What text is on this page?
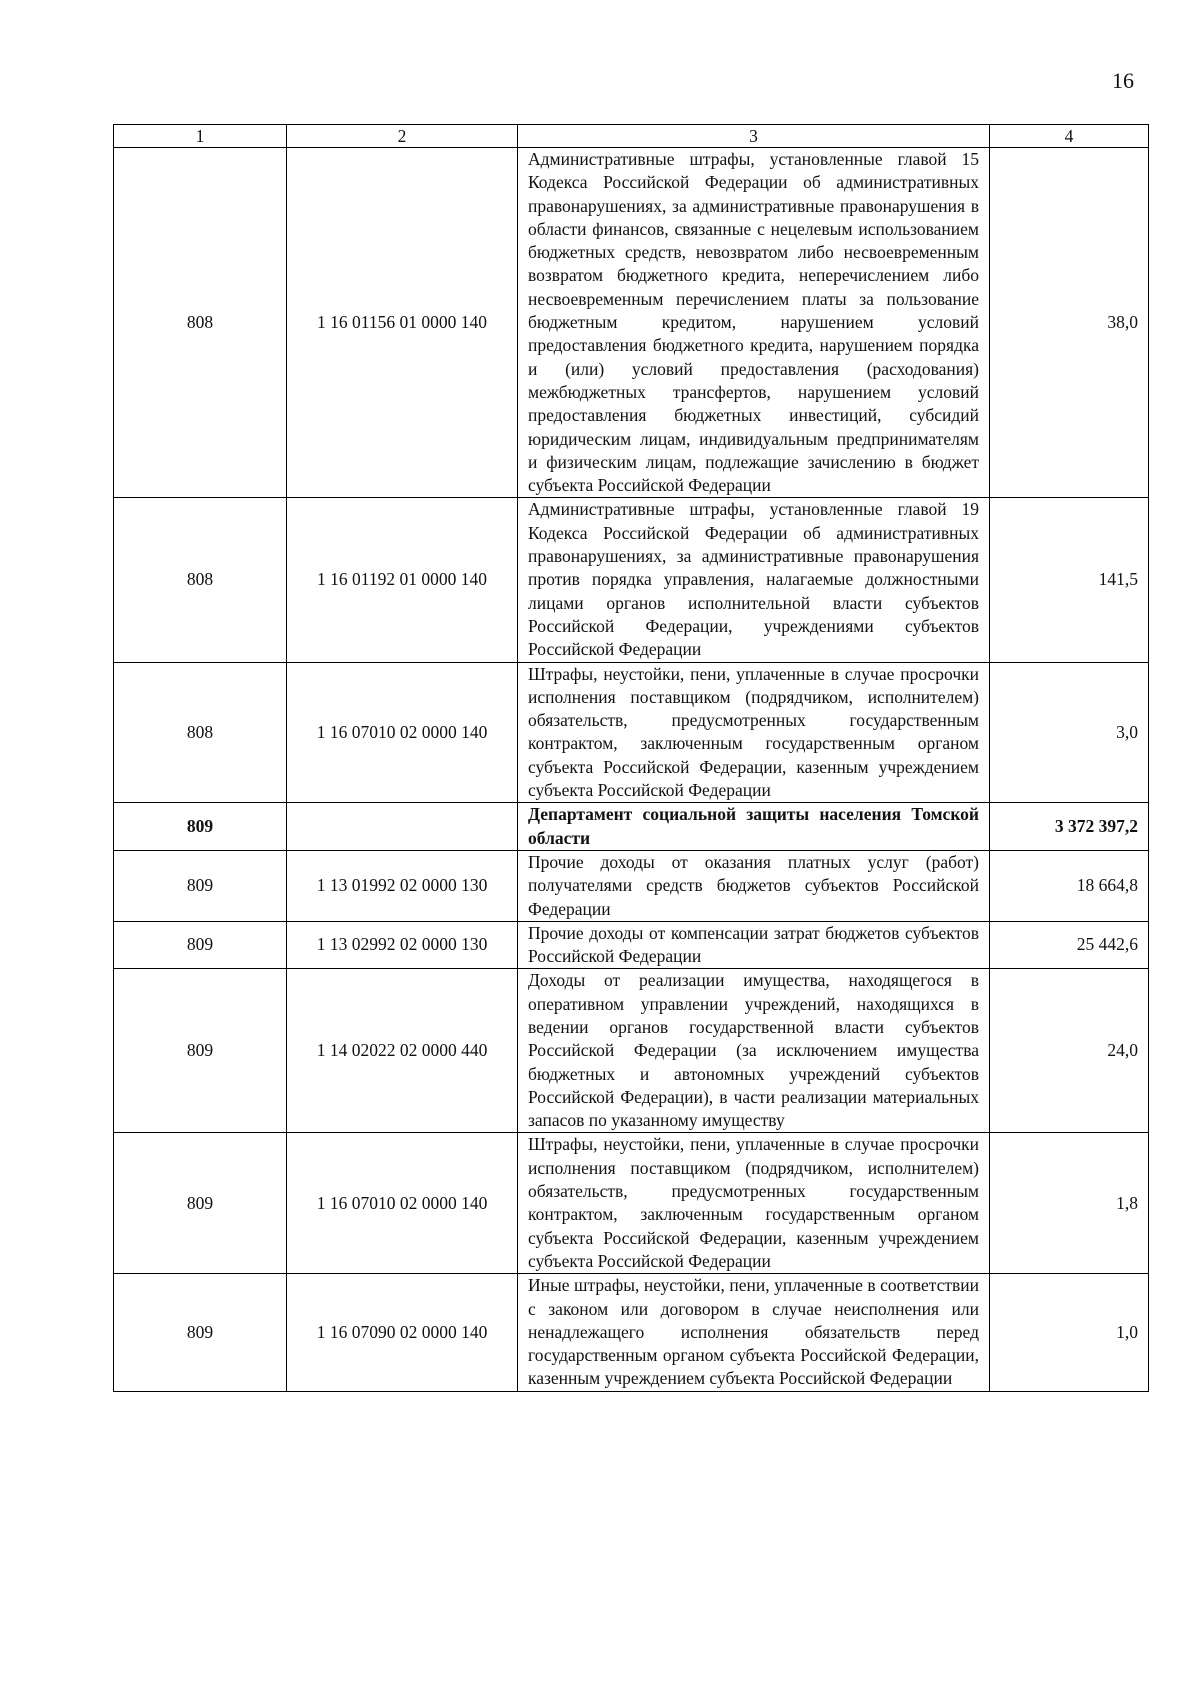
16
1	2	3	4
808	1 16 01156 01 0000 140	Административные штрафы, установленные главой 15 Кодекса Российской Федерации об административных правонарушениях, за административные правонарушения в области финансов, связанные с нецелевым использованием бюджетных средств, невозвратом либо несвоевременным возвратом бюджетного кредита, неперечислением либо несвоевременным перечислением платы за пользование бюджетным кредитом, нарушением условий предоставления бюджетного кредита, нарушением порядка и (или) условий предоставления (расходования) межбюджетных трансфертов, нарушением условий предоставления бюджетных инвестиций, субсидий юридическим лицам, индивидуальным предпринимателям и физическим лицам, подлежащие зачислению в бюджет субъекта Российской Федерации	38,0
808	1 16 01192 01 0000 140	Административные штрафы, установленные главой 19 Кодекса Российской Федерации об административных правонарушениях, за административные правонарушения против порядка управления, налагаемые должностными лицами органов исполнительной власти субъектов Российской Федерации, учреждениями субъектов Российской Федерации	141,5
808	1 16 07010 02 0000 140	Штрафы, неустойки, пени, уплаченные в случае просрочки исполнения поставщиком (подрядчиком, исполнителем) обязательств, предусмотренных государственным контрактом, заключенным государственным органом субъекта Российской Федерации, казенным учреждением субъекта Российской Федерации	3,0
809		Департамент социальной защиты населения Томской области	3 372 397,2
809	1 13 01992 02 0000 130	Прочие доходы от оказания платных услуг (работ) получателями средств бюджетов субъектов Российской Федерации	18 664,8
809	1 13 02992 02 0000 130	Прочие доходы от компенсации затрат бюджетов субъектов Российской Федерации	25 442,6
809	1 14 02022 02 0000 440	Доходы от реализации имущества, находящегося в оперативном управлении учреждений, находящихся в ведении органов государственной власти субъектов Российской Федерации (за исключением имущества бюджетных и автономных учреждений субъектов Российской Федерации), в части реализации материальных запасов по указанному имуществу	24,0
809	1 16 07010 02 0000 140	Штрафы, неустойки, пени, уплаченные в случае просрочки исполнения поставщиком (подрядчиком, исполнителем) обязательств, предусмотренных государственным контрактом, заключенным государственным органом субъекта Российской Федерации, казенным учреждением субъекта Российской Федерации	1,8
809	1 16 07090 02 0000 140	Иные штрафы, неустойки, пени, уплаченные в соответствии с законом или договором в случае неисполнения или ненадлежащего исполнения обязательств перед государственным органом субъекта Российской Федерации, казенным учреждением субъекта Российской Федерации	1,0
